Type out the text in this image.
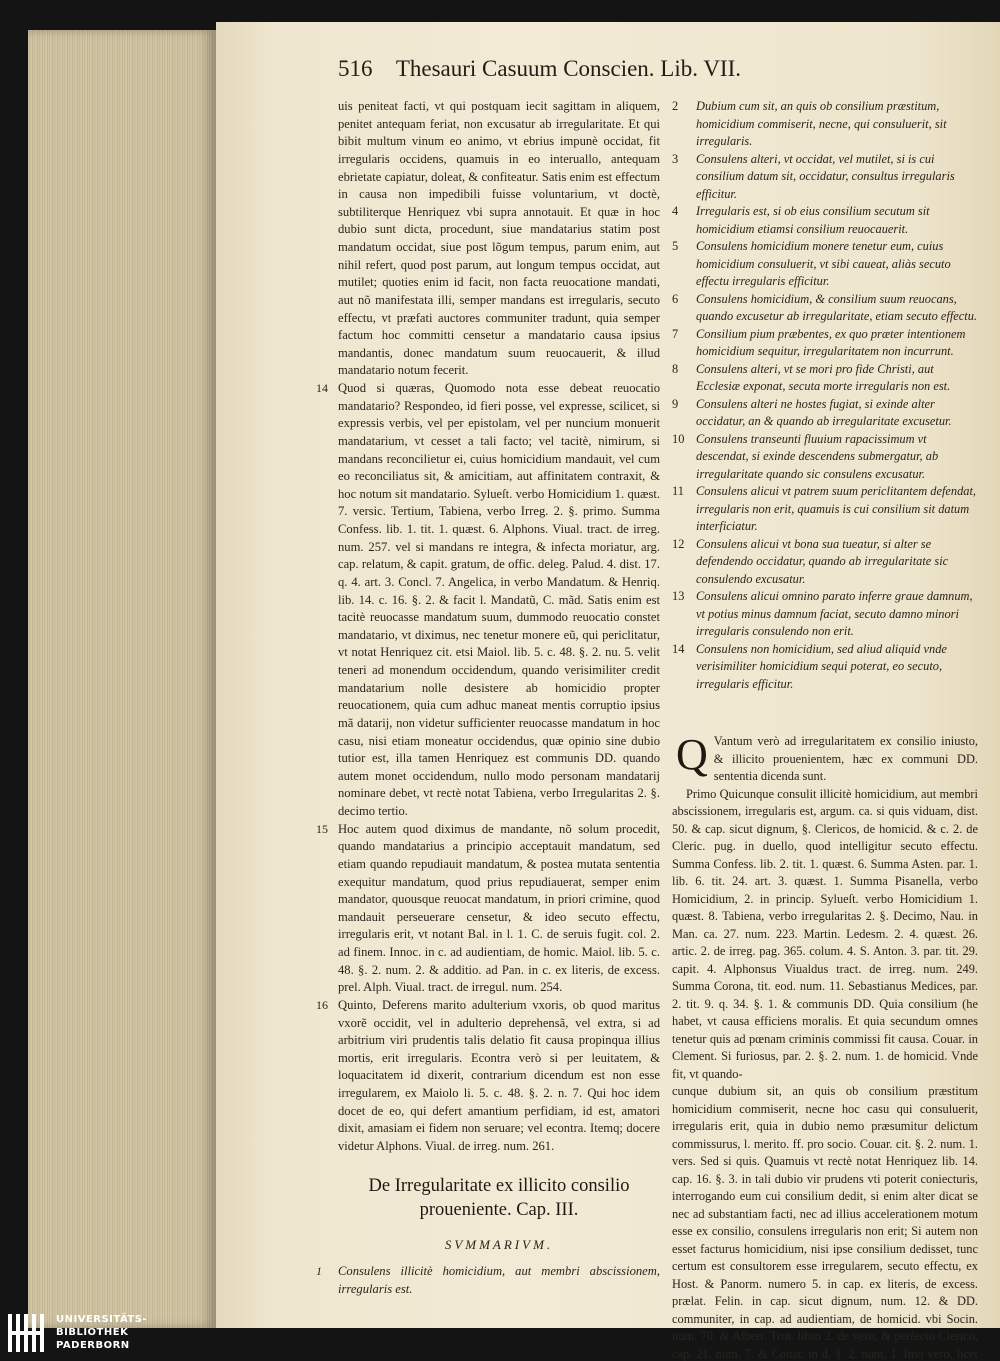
516 Thesauri Casuum Conscien. Lib. VII.

uis peniteat facti, vt qui postquam iecit sagittam in aliquem, penitet antequam feriat, non excusatur ab irregularitate. Et qui bibit multum vinum eo animo, vt ebrius impunè occidat, fit irregularis occidens, quamuis in eo interuallo, antequam ebrietate capiatur, doleat, & confiteatur. Satis enim est effectum in causa non impedibili fuisse voluntarium, vt doctè, subtiliterque Henriquez vbi supra annotauit. Et quæ in hoc dubio sunt dicta, procedunt, siue mandatarius statim post mandatum occidat, siue post lõgum tempus, parum enim, aut nihil refert, quod post parum, aut longum tempus occidat, aut mutilet; quoties enim id facit, non facta reuocatione mandati, aut nõ manifestata illi, semper mandans est irregularis, secuto effectu, vt præfati auctores communiter tradunt, quia semper factum hoc committi censetur a mandatario causa ipsius mandantis, donec mandatum suum reuocauerit, & illud mandatario notum fecerit.

14 Quod si quæras, Quomodo nota esse debeat reuocatio mandatario? Respondeo, id fieri posse, vel expresse, scilicet, si expressis verbis, vel per epistolam, vel per nuncium monuerit mandatarium, vt cesset a tali facto; vel tacitè, nimirum, si mandans reconcilietur ei, cuius homicidium mandauit, vel cum eo reconciliatus sit, & amicitiam, aut affinitatem contraxit, & hoc notum sit mandatario. Sylueſt. verbo Homicidium 1. quæst. 7. versic. Tertium, Tabiena, verbo Irreg. 2. §. primo. Summa Confess. lib. 1. tit. 1. quæst. 6. Alphons. Viual. tract. de irreg. num. 257. vel si mandans re integra, & infecta moriatur, arg. cap. relatum, & capit. gratum, de offic. deleg. Palud. 4. dist. 17. q. 4. art. 3. Concl. 7. Angelica, in verbo Mandatum. & Henriq. lib. 14. c. 16. §. 2. & facit l. Mandatũ, C. mãd. Satis enim est tacitè reuocasse mandatum suum, dummodo reuocatio constet mandatario, vt diximus, nec tenetur monere eũ, qui periclitatur, vt notat Henriquez cit. etsi Maiol. lib. 5. c. 48. §. 2. nu. 5. velit teneri ad monendum occidendum, quando verisimiliter credit mandatarium nolle desistere ab homicidio propter reuocationem, quia cum adhuc maneat mentis corruptio ipsius mã datarij, non videtur sufficienter reuocasse mandatum in hoc casu, nisi etiam moneatur occidendus, quæ opinio sine dubio tutior est, illa tamen Henriquez est communis DD. quando autem monet occidendum, nullo modo personam mandatarij nominare debet, vt rectè notat Tabiena, verbo Irregularitas 2. §. decimo tertio.

15 Hoc autem quod diximus de mandante, nõ solum procedit, quando mandatarius a principio acceptauit mandatum, sed etiam quando repudiauit mandatum, & postea mutata sententia exequitur mandatum, quod prius repudiauerat, semper enim mandator, quousque reuocat mandatum, in priori crimine, quod mandauit perseuerare censetur, & ideo secuto effectu, irregularis erit, vt notant Bal. in l. 1. C. de seruis fugit. col. 2. ad finem. Innoc. in c. ad audientiam, de homic. Maiol. lib. 5. c. 48. §. 2. num. 2. & additio. ad Pan. in c. ex literis, de excess. prel. Alph. Viual. tract. de irregul. num. 254.

16 Quinto, Deferens marito adulterium vxoris, ob quod maritus vxorẽ occidit, vel in adulterio deprehensã, vel extra, si ad arbitrium viri prudentis talis delatio fit causa propinqua illius mortis, erit irregularis. Econtra verò si per leuitatem, & loquacitatem id dixerit, contrarium dicendum est non esse irregularem, ex Maiolo li. 5. c. 48. §. 2. n. 7. Qui hoc idem docet de eo, qui defert amantium perfidiam, id est, amatori dixit, amasiam ei fidem non seruare; vel econtra. Itemq; docere videtur Alphons. Viual. de irreg. num. 261.

De Irregularitate ex illicito consilio proueniente. Cap. III.
SVMMARIVM.
1 Consulens illicitè homicidium, aut membri abscissionem, irregularis est.

2 Dubium cum sit, an quis ob consilium præstitum, homicidium commiserit, necne, qui consuluerit, sit irregularis.
3 Consulens alteri, vt occidat, vel mutilet, si is cui consilium datum sit, occidatur, consultus irregularis efficitur.
4 Irregularis est, si ob eius consilium secutum sit homicidium etiamsi consilium reuocauerit.
5 Consulens homicidium monere tenetur eum, cuius homicidium consuluerit, vt sibi caueat, aliàs secuto effectu irregularis efficitur.
6 Consulens homicidium, & consilium suum reuocans, quando excusetur ab irregularitate, etiam secuto effectu.
7 Consilium pium præbentes, ex quo præter intentionem homicidium sequitur, irregularitatem non incurrunt.
8 Consulens alteri, vt se mori pro fide Christi, aut Ecclesiæ exponat, secuta morte irregularis non est.
9 Consulens alteri ne hostes fugiat, si exinde alter occidatur, an & quando ab irregularitate excusetur.
10 Consulens transeunti fluuium rapacissimum vt descendat, si exinde descendens submergatur, ab irregularitate quando sic consulens excusatur.
11 Consulens alicui vt patrem suum periclitantem defendat, irregularis non erit, quamuis is cui consilium sit datum interficiatur.
12 Consulens alicui vt bona sua tueatur, si alter se defendendo occidatur, quando ab irregularitate sic consulendo excusatur.
13 Consulens alicui omnino parato inferre graue damnum, vt potius minus damnum faciat, secuto damno minori irregularis consulendo non erit.
14 Consulens non homicidium, sed aliud aliquid vnde verisimiliter homicidium sequi poterat, eo secuto, irregularis efficitur.

Q Vantum verò ad irregularitatem ex consilio iniusto, & illicito prouenientem, hæc ex communi DD. sententia dicenda sunt.

Primo Quicunque consulit illicitè homicidium, aut membri abscissionem, irregularis est, argum. ca. si quis viduam, dist. 50. & cap. sicut dignum, §. Clericos, de homicid. & c. 2. de Cleric. pug. in duello, quod intelligitur secuto effectu. Summa Confess. lib. 2. tit. 1. quæst. 6. Summa Asten. par. 1. lib. 6. tit. 24. art. 3. quæst. 1. Summa Pisanella, verbo Homicidium, 2. in princip. Sylueſt. verbo Homicidium 1. quæst. 8. Tabiena, verbo irregularitas 2. §. Decimo, Nau. in Man. ca. 27. num. 223. Martin. Ledesm. 2. 4. quæst. 26. artic. 2. de irreg. pag. 365. colum. 4. S. Anton. 3. par. tit. 29. capit. 4. Alphonsus Viualdus tract. de irreg. num. 249. Summa Corona, tit. eod. num. 11. Sebastianus Medices, par. 2. tit. 9. q. 34. §. 1. & communis DD. Quia consilium (he habet, vt causa efficiens moralis. Et quia secundum omnes tenetur quis ad pœnam criminis commissi fit causa. Couar. in Clement. Si furiosus, par. 2. §. 2. num. 1. de homicid. Vnde fit, vt quando-

cunque dubium sit, an quis ob consilium præstitum homicidium commiserit, necne hoc casu qui consuluerit, irregularis erit, quia in dubio nemo præsumitur delictum commissurus, l. merito. ff. pro socio. Couar. cit. §. 2. num. 1. vers. Sed si quis. Quamuis vt rectè notat Henriquez lib. 14. cap. 16. §. 3. in tali dubio vir prudens vti poterit coniecturis, interrogando eum cui consilium dedit, si enim alter dicat se nec ad substantiam facti, nec ad illius accelerationem motum esse ex consilio, consulens irregularis non erit; Si autem non esset facturus homicidium, nisi ipse consilium dedisset, tunc certum est consultorem esse irregularem, secuto effectu, ex Host. & Panorm. numero 5. in cap. ex literis, de excess. prælat. Felin. in cap. sicut dignum, num. 12. & DD. communiter, in cap. ad audientiam, de homicid. vbi Socin. num. 70. & Albert. Trot. libro 2. de vero, & perfecto Clerico, cap. 21. num. 7. & Couar. in d. §. 2. num. 1. Imo verò, licet

UNIVERSITÄTS-
BIBLIOTHEK
PADERBORN
